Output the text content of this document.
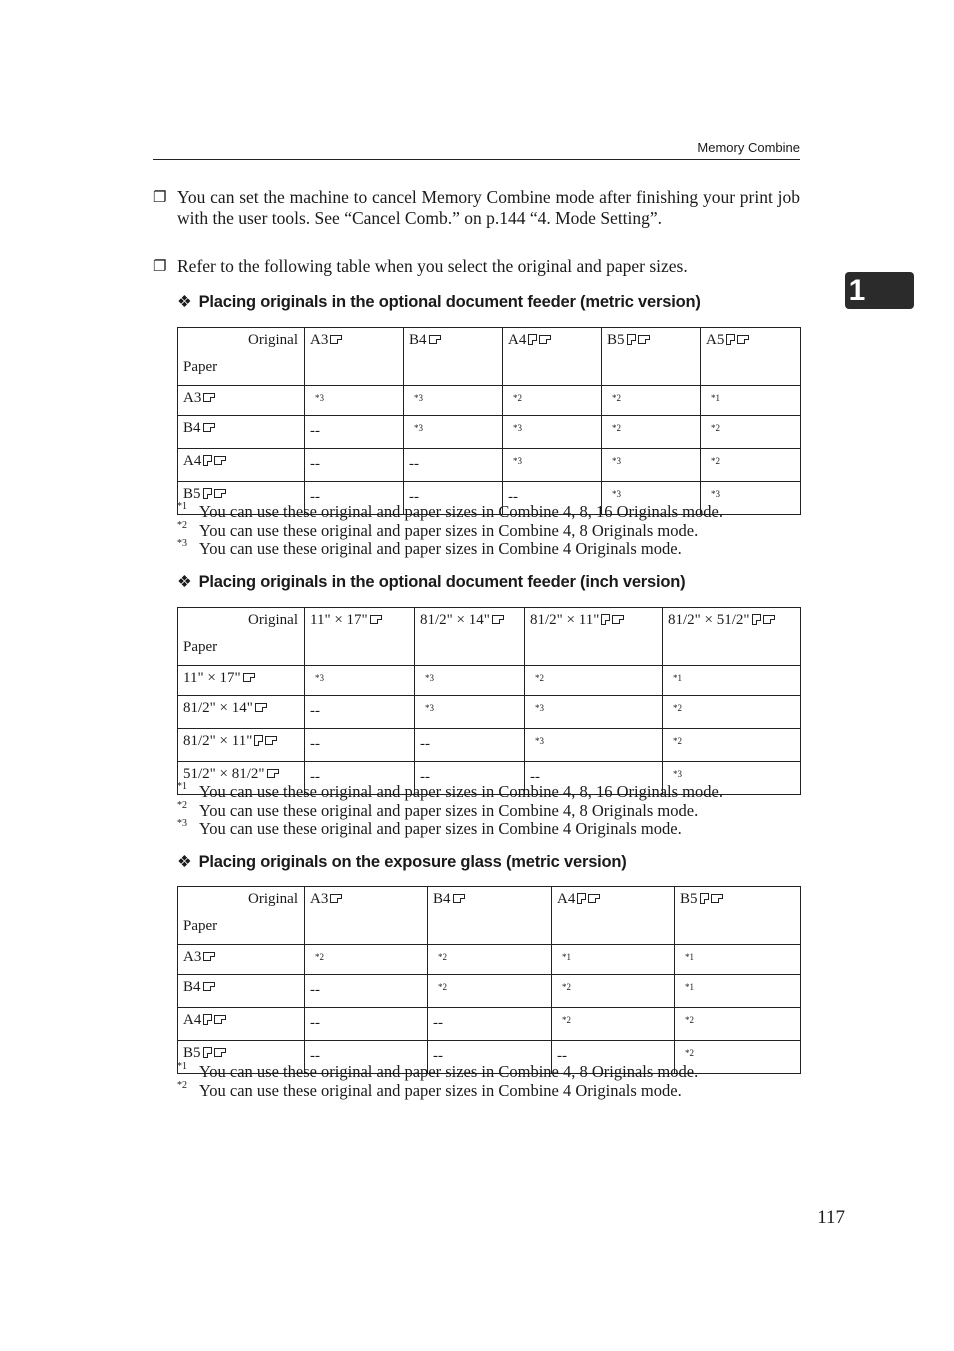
Memory Combine
1
❐ You can set the machine to cancel Memory Combine mode after finishing your print job with the user tools. See “Cancel Comb.” on p.144 “4. Mode Setting”.
❐ Refer to the following table when you select the original and paper sizes.
❖ Placing originals in the optional document feeder (metric version)
Original
Paper	A3	B4	A4	B5	A5
A3	*3	*3	*2	*2	*1
B4	--	*3	*3	*2	*2
A4	--	--	*3	*3	*2
B5	--	--	--	*3	*3
*1 You can use these original and paper sizes in Combine 4, 8, 16 Originals mode.
*2 You can use these original and paper sizes in Combine 4, 8 Originals mode.
*3 You can use these original and paper sizes in Combine 4 Originals mode.
❖ Placing originals in the optional document feeder (inch version)
Original
Paper	11" × 17"	81/2" × 14"	81/2" × 11"	81/2" × 51/2"
11" × 17"	*3	*3	*2	*1
81/2" × 14"	--	*3	*3	*2
81/2" × 11"	--	--	*3	*2
51/2" × 81/2"	--	--	--	*3
*1 You can use these original and paper sizes in Combine 4, 8, 16 Originals mode.
*2 You can use these original and paper sizes in Combine 4, 8 Originals mode.
*3 You can use these original and paper sizes in Combine 4 Originals mode.
❖ Placing originals on the exposure glass (metric version)
Original
Paper	A3	B4	A4	B5
A3	*2	*2	*1	*1
B4	--	*2	*2	*1
A4	--	--	*2	*2
B5	--	--	--	*2
*1 You can use these original and paper sizes in Combine 4, 8 Originals mode.
*2 You can use these original and paper sizes in Combine 4 Originals mode.
117
